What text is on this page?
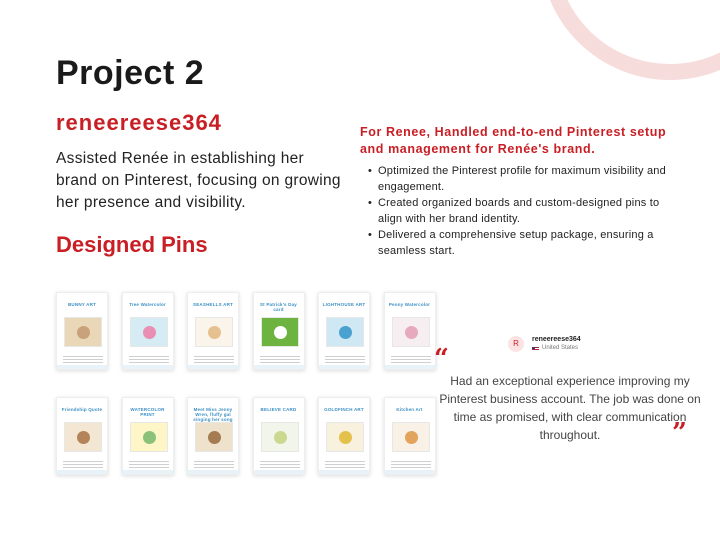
Project 2
reneereese364

Assisted Renée in establishing her brand on Pinterest, focusing on growing her presence and visibility.

Designed Pins

For Renee, Handled end-to-end Pinterest setup and management for Renée's brand.

• Optimized the Pinterest profile for maximum visibility and engagement.
• Created organized boards and custom-designed pins to align with her brand identity.
• Delivered a comprehensive setup package, ensuring a seamless start.
BUNNY ART	Tree Watercolor	SEASHELLS ART	St Patrick's Day card
LIGHTHOUSE ART	Peony Watercolor
Friendship Quote	WATERCOLOR PRINT
Meet Miss Jenny Wren, fluffy gal singing her song
BELIEVE CARD	GOLDFINCH ART	Kitchen Art
R	reneereese364
United States
“

Had an exceptional experience improving my Pinterest business account. The job was done on time as promised, with clear communication throughout.	”
